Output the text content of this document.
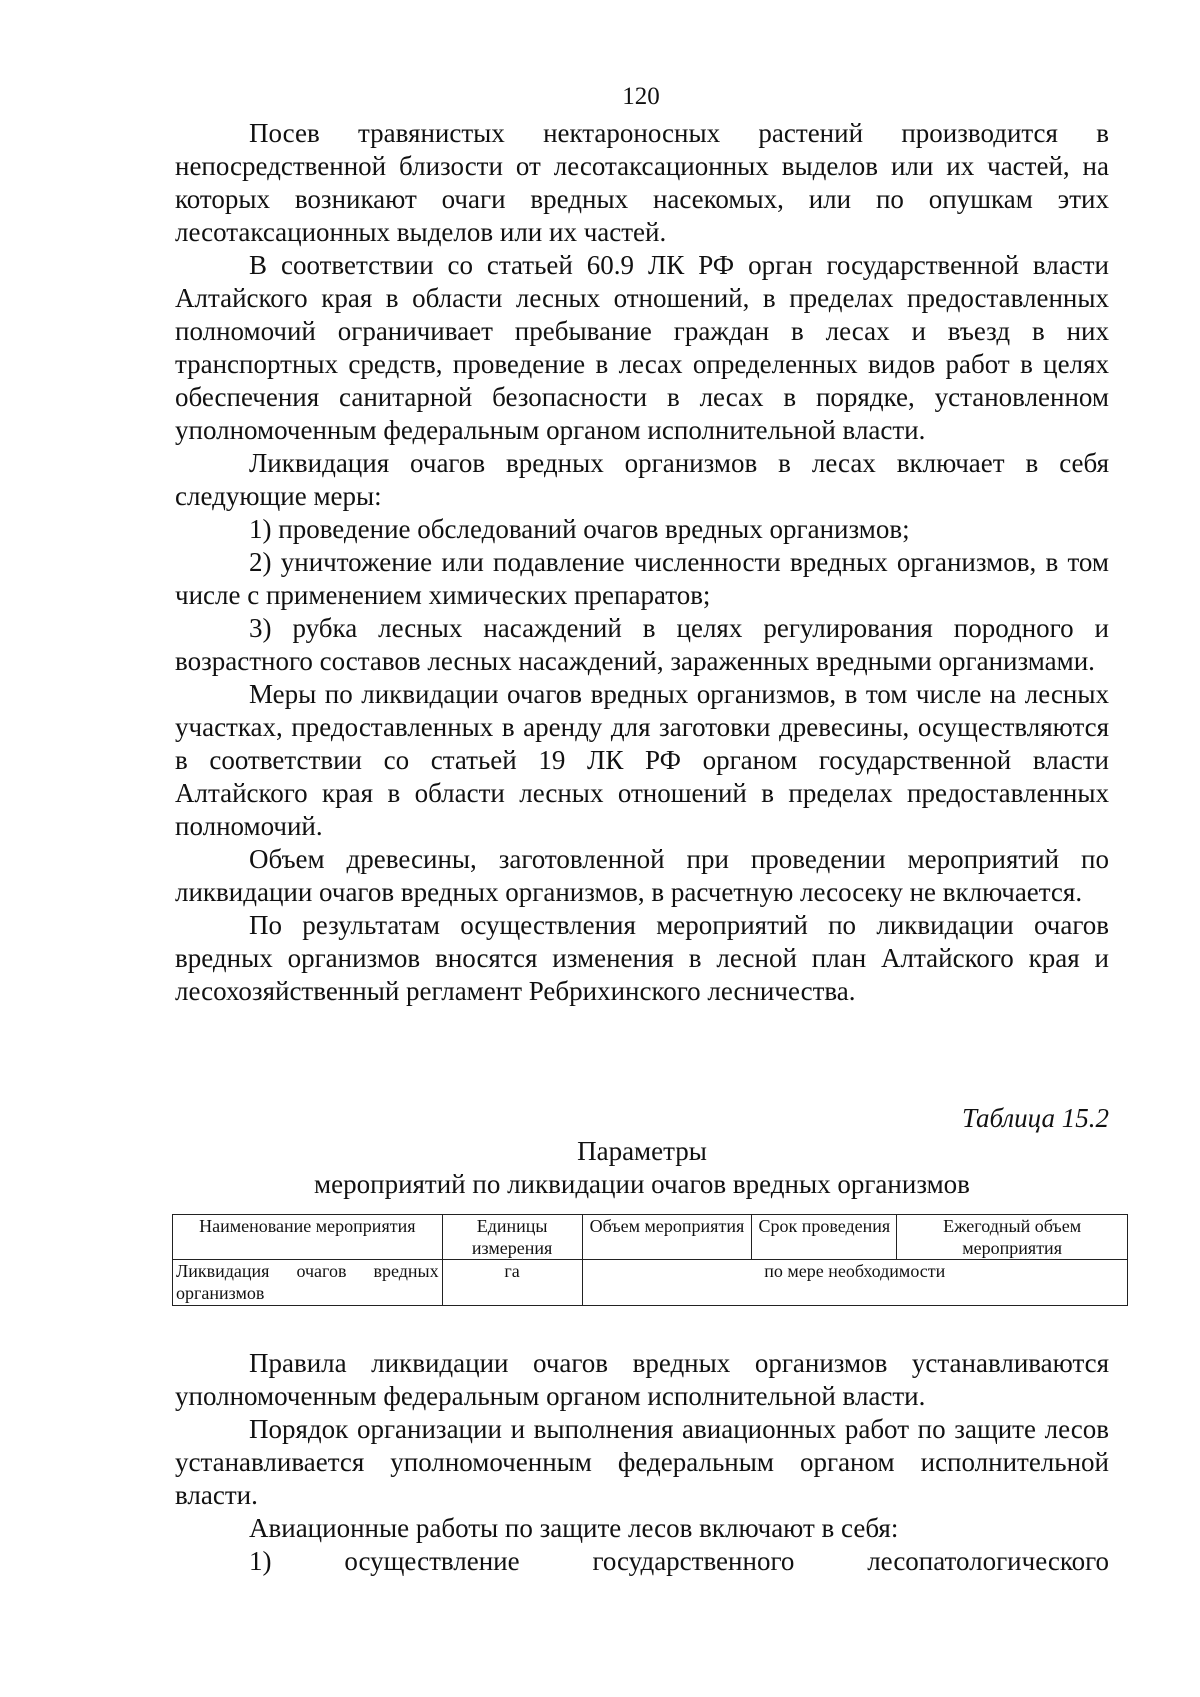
120

Посев травянистых нектароносных растений производится в непосредственной близости от лесотаксационных выделов или их частей, на которых возникают очаги вредных насекомых, или по опушкам этих лесотаксационных выделов или их частей.

В соответствии со статьей 60.9 ЛК РФ орган государственной власти Алтайского края в области лесных отношений, в пределах предоставленных полномочий ограничивает пребывание граждан в лесах и въезд в них транспортных средств, проведение в лесах определенных видов работ в целях обеспечения санитарной безопасности в лесах в порядке, установленном уполномоченным федеральным органом исполнительной власти.

Ликвидация очагов вредных организмов в лесах включает в себя следующие меры:

1) проведение обследований очагов вредных организмов;

2) уничтожение или подавление численности вредных организмов, в том числе с применением химических препаратов;

3) рубка лесных насаждений в целях регулирования породного и возрастного составов лесных насаждений, зараженных вредными организмами.

Меры по ликвидации очагов вредных организмов, в том числе на лесных участках, предоставленных в аренду для заготовки древесины, осуществляются в соответствии со статьей 19 ЛК РФ органом государственной власти Алтайского края в области лесных отношений в пределах предоставленных полномочий.

Объем древесины, заготовленной при проведении мероприятий по ликвидации очагов вредных организмов, в расчетную лесосеку не включается.

По результатам осуществления мероприятий по ликвидации очагов вредных организмов вносятся изменения в лесной план Алтайского края и лесохозяйственный регламент Ребрихинского лесничества.

Таблица 15.2
Параметры
мероприятий по ликвидации очагов вредных организмов
Наименование мероприятия	Единицы измерения	Объем мероприятия	Срок проведения	Ежегодный объем мероприятия
Ликвидация очагов вредных организмов	га	по мере необходимости		

Правила ликвидации очагов вредных организмов устанавливаются уполномоченным федеральным органом исполнительной власти.

Порядок организации и выполнения авиационных работ по защите лесов устанавливается уполномоченным федеральным органом исполнительной власти.

Авиационные работы по защите лесов включают в себя:

1) осуществление государственного лесопатологического
